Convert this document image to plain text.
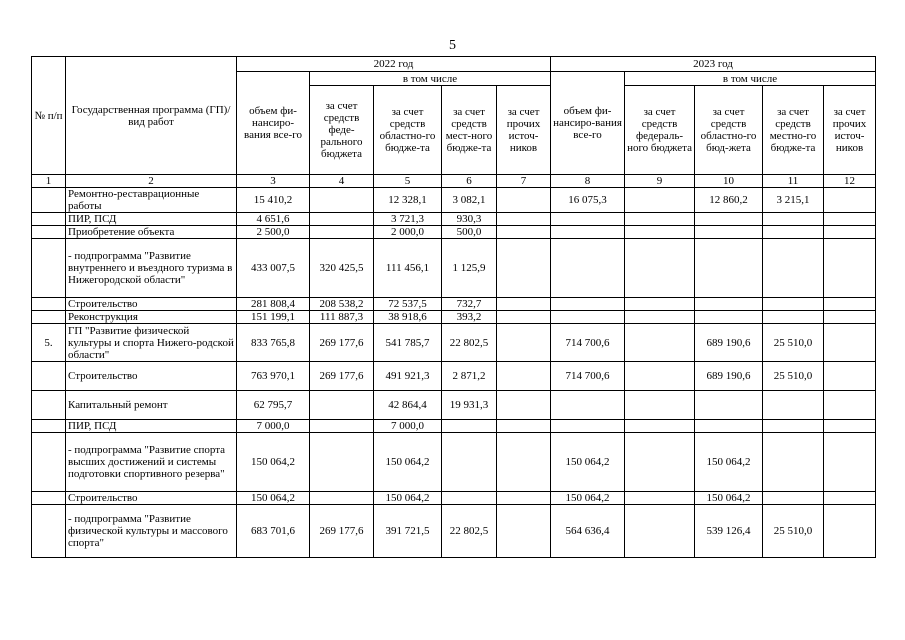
5
№ п/п	Государственная программа (ГП)/ вид работ	2022 год					2023 год				
		объем фи-нансиро-вания все-го	в том числе				объем фи-нансиро-вания все-го	в том числе			
			за счет средств феде-рального бюджета	за счет средств областно-го бюдже-та	за счет средств мест-ного бюдже-та	за счет прочих источ-ников		за счет средств федераль-ного бюджета	за счет средств областно-го бюд-жета	за счет средств местно-го бюдже-та	за счет прочих источ-ников
1	2	3	4	5	6	7	8	9	10	11	12
	Ремонтно-реставрационные работы	15 410,2		12 328,1	3 082,1		16 075,3		12 860,2	3 215,1	
	ПИР, ПСД	4 651,6		3 721,3	930,3						
	Приобретение объекта	2 500,0		2 000,0	500,0						
	- подпрограмма "Развитие внутреннего и въездного туризма в Нижегородской области"	433 007,5	320 425,5	111 456,1	1 125,9						
	Строительство	281 808,4	208 538,2	72 537,5	732,7						
	Реконструкция	151 199,1	111 887,3	38 918,6	393,2						
5.	ГП "Развитие физической культуры и спорта Нижего-родской области"	833 765,8	269 177,6	541 785,7	22 802,5		714 700,6		689 190,6	25 510,0	
	Строительство	763 970,1	269 177,6	491 921,3	2 871,2		714 700,6		689 190,6	25 510,0	
	Капитальный ремонт	62 795,7		42 864,4	19 931,3						
	ПИР, ПСД	7 000,0		7 000,0							
	- подпрограмма "Развитие спорта высших достижений и системы подготовки спортивного резерва"	150 064,2		150 064,2			150 064,2		150 064,2		
	Строительство	150 064,2		150 064,2			150 064,2		150 064,2		
	- подпрограмма "Развитие физической культуры и массового спорта"	683 701,6	269 177,6	391 721,5	22 802,5		564 636,4		539 126,4	25 510,0	
